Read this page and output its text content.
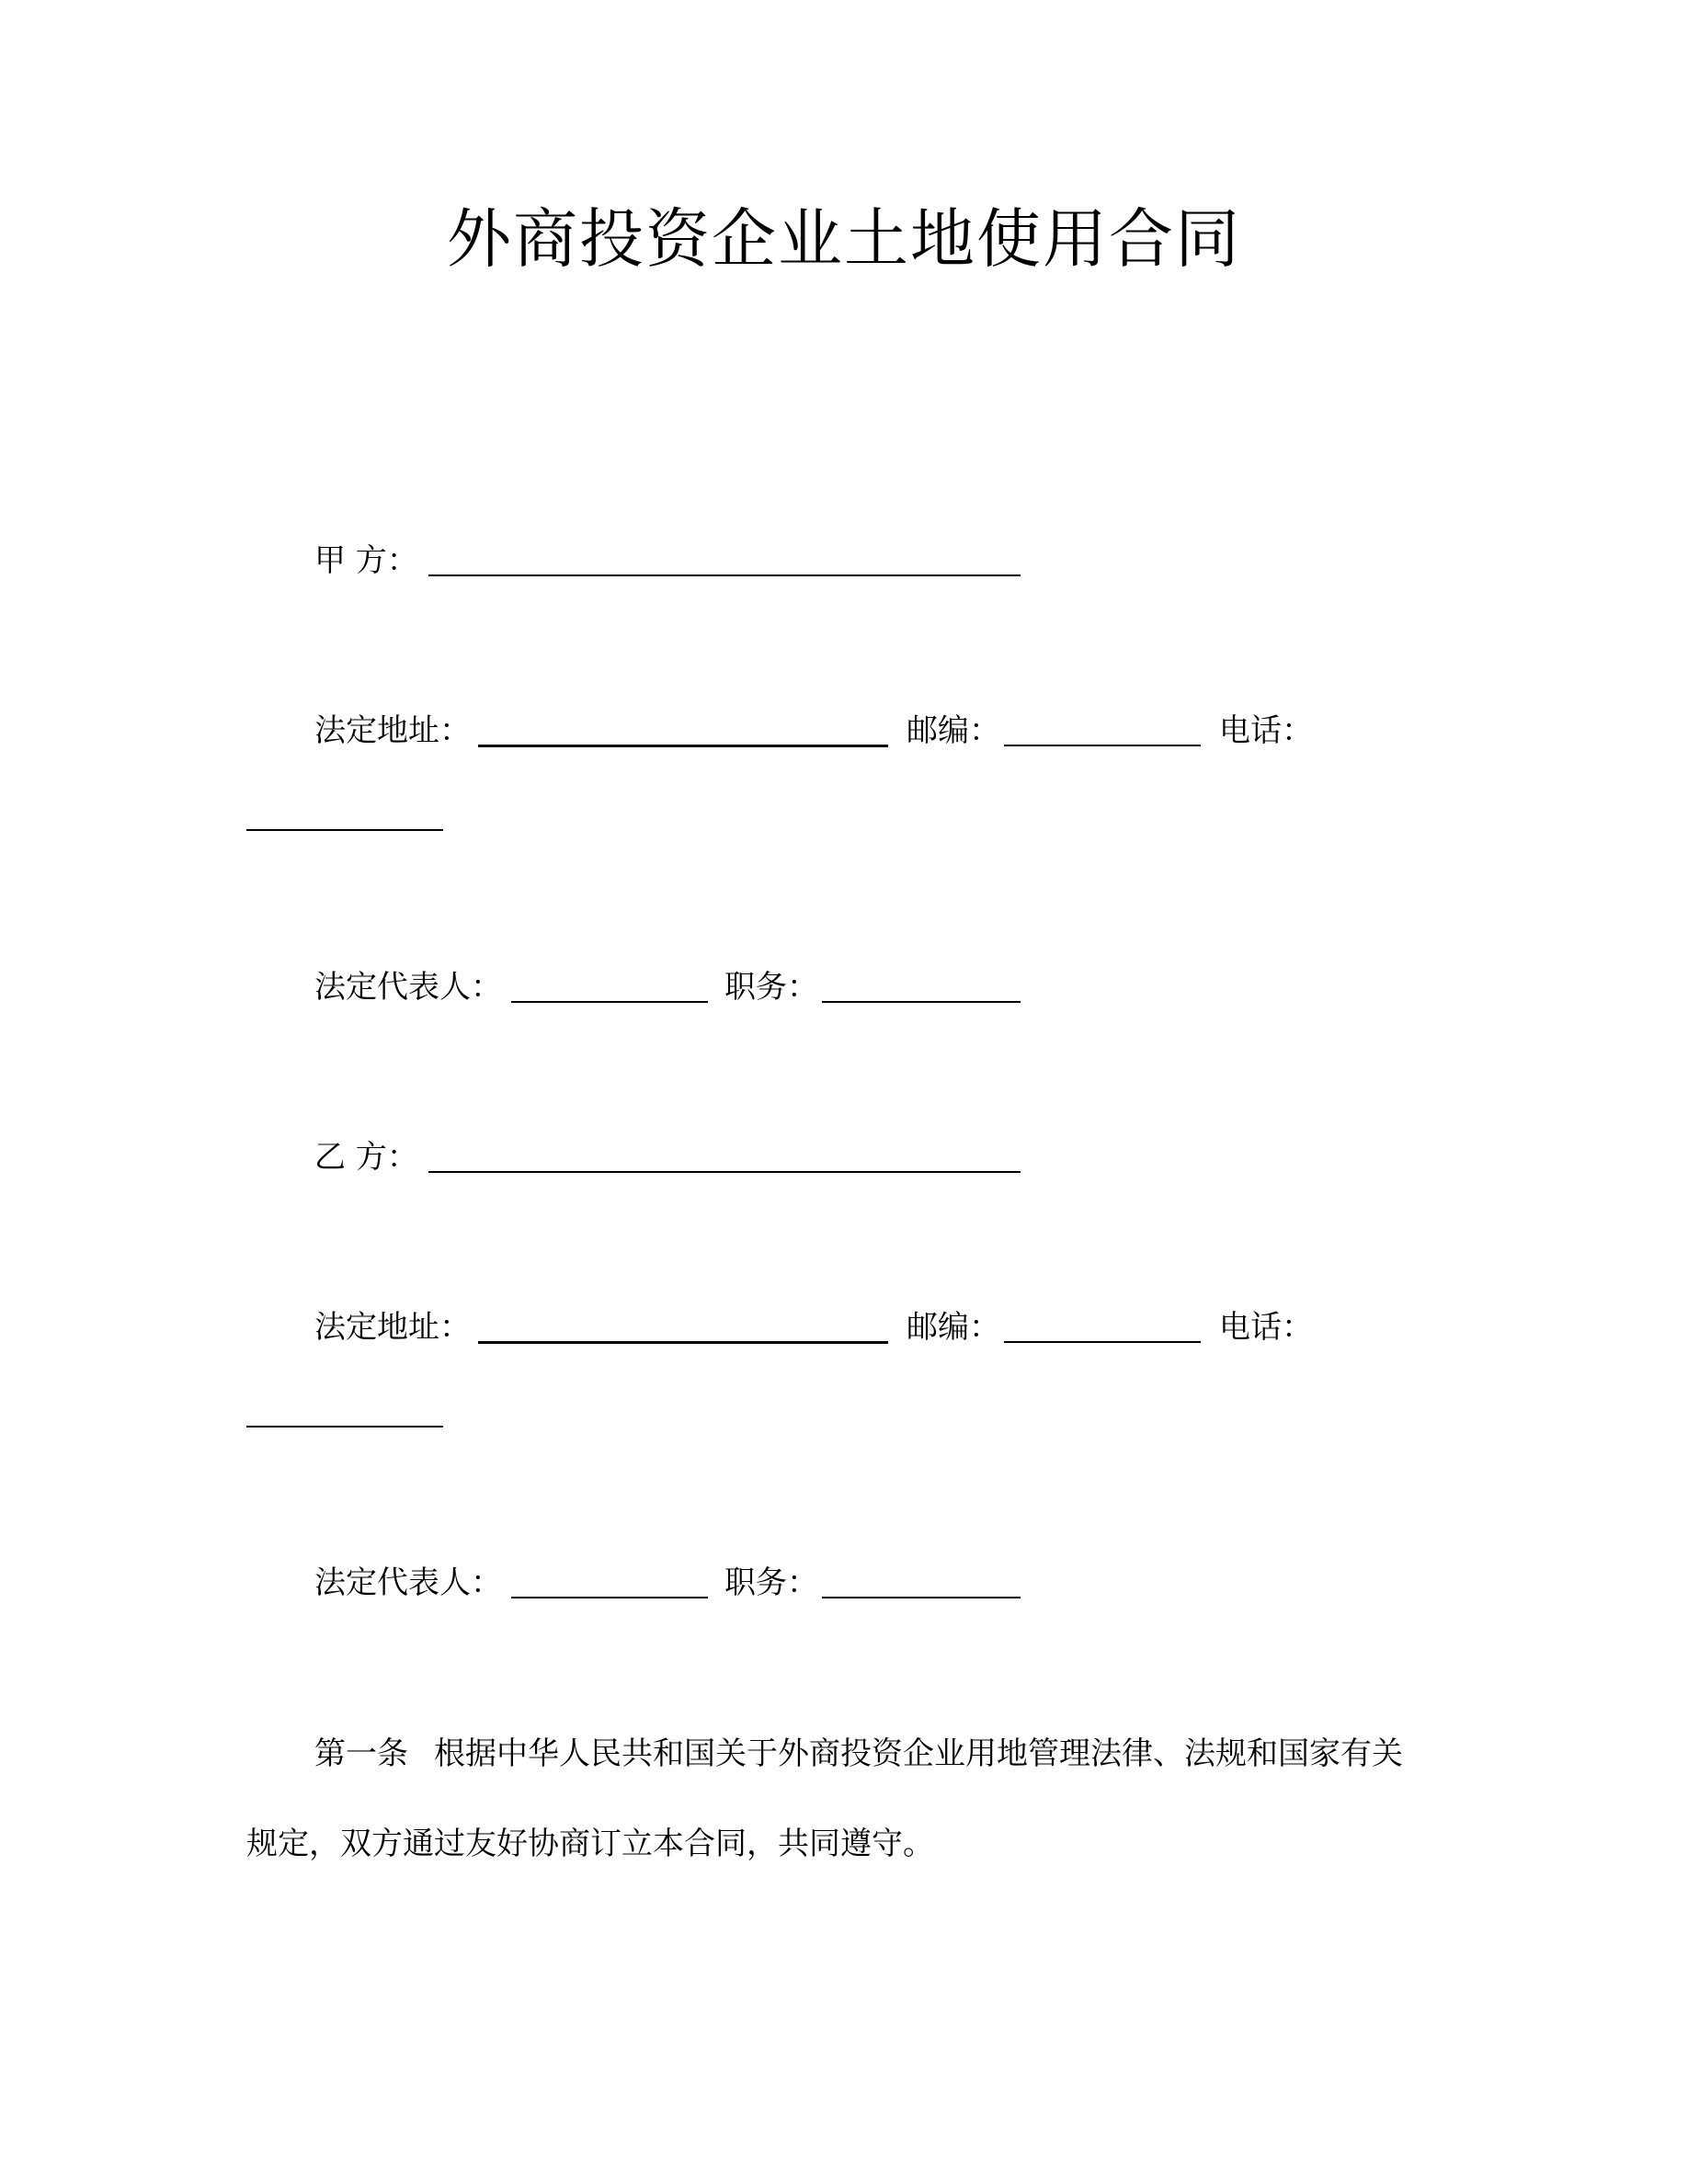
外商投资企业土地使用合同
甲 方：
法定地址：	邮编：	电话：
法定代表人：	职务：
乙 方：
法定地址：	邮编：	电话：
法定代表人：	职务：
第一条 根据中华人民共和国关于外商投资企业用地管理法律、法规和国家有关
规定，双方通过友好协商订立本合同，共同遵守。
